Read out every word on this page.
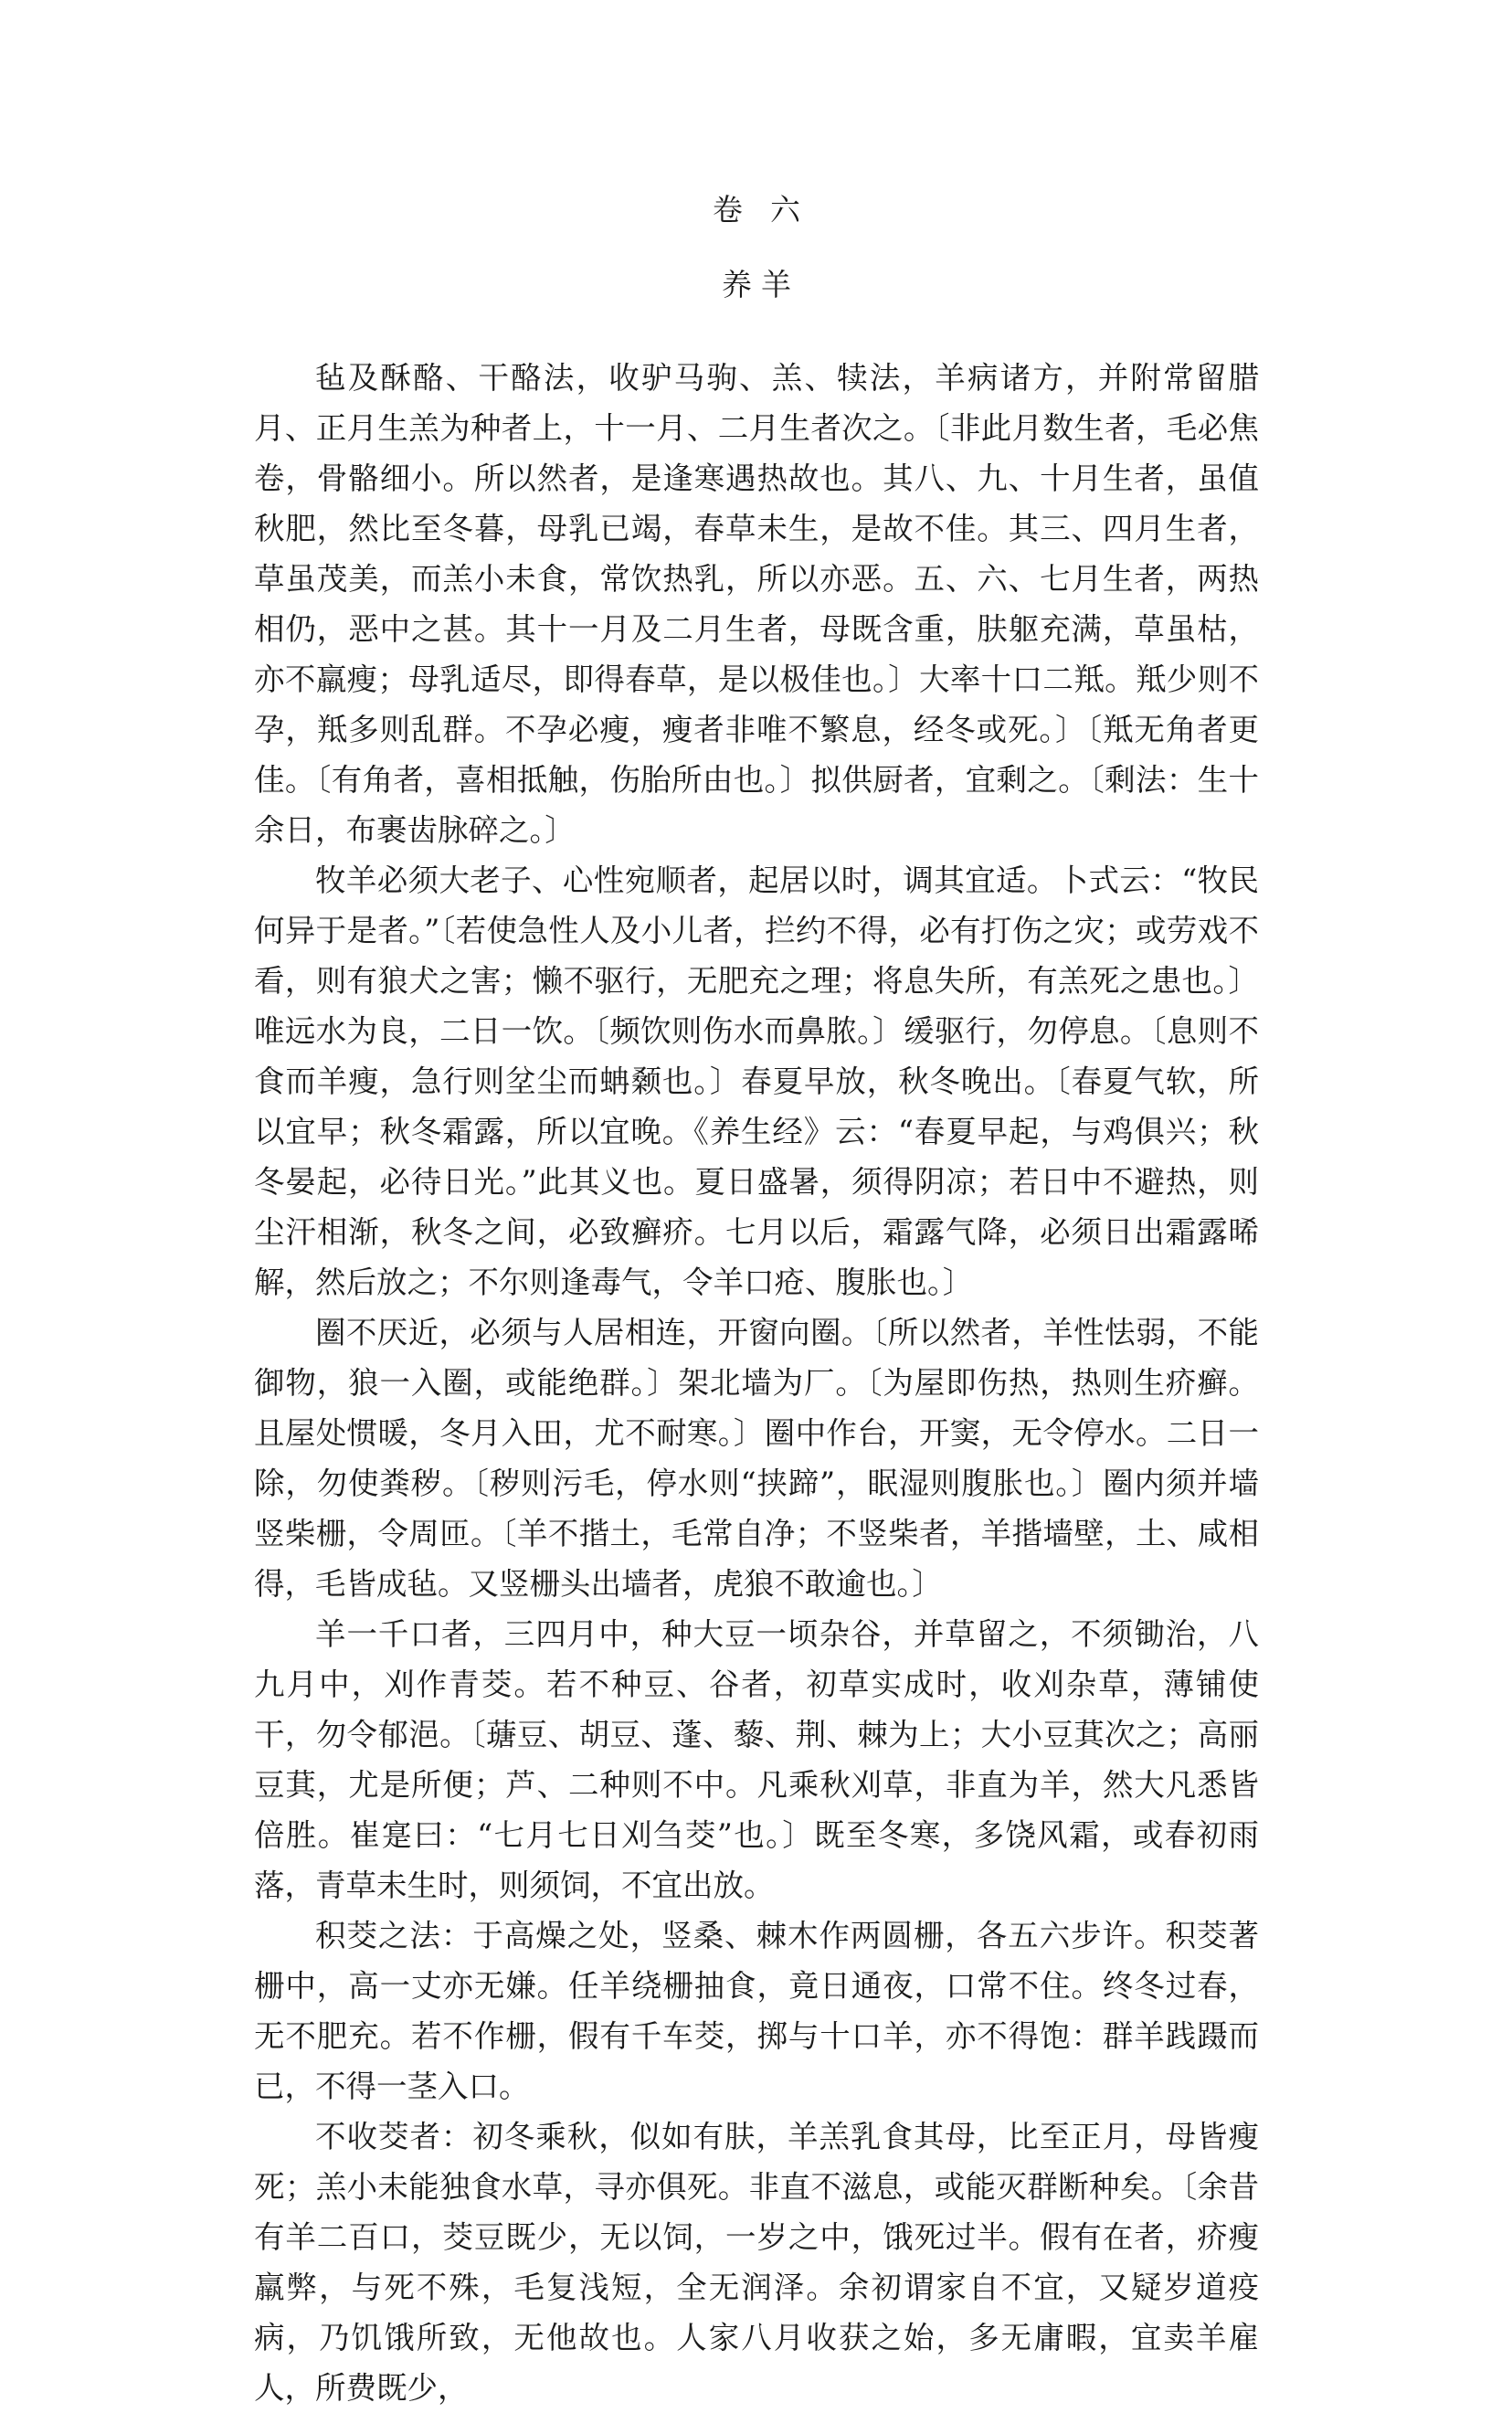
卷六
养羊

毡及酥酪、干酪法，收驴马驹、羔、犊法，羊病诸方，并附常留腊月、正月生羔为种者上，十一月、二月生者次之。〔非此月数生者，毛必焦卷，骨骼细小。所以然者，是逢寒遇热故也。其八、九、十月生者，虽值秋肥，然比至冬暮，母乳已竭，春草未生，是故不佳。其三、四月生者，草虽茂美，而羔小未食，常饮热乳，所以亦恶。五、六、七月生者，两热相仍，恶中之甚。其十一月及二月生者，母既含重，肤躯充满，草虽枯，亦不羸瘦；母乳适尽，即得春草，是以极佳也。〕大率十口二羝。羝少则不孕，羝多则乱群。不孕必瘦，瘦者非唯不繁息，经冬或死。〕〔羝无角者更佳。〔有角者，喜相抵触，伤胎所由也。〕拟供厨者，宜剩之。〔剩法：生十余日，布裹齿脉碎之。〕

牧羊必须大老子、心性宛顺者，起居以时，调其宜适。卜式云：“牧民何异于是者。”〔若使急性人及小儿者，拦约不得，必有打伤之灾；或劳戏不看，则有狼犬之害；懒不驱行，无肥充之理；将息失所，有羔死之患也。〕唯远水为良，二日一饮。〔频饮则伤水而鼻脓。〕缓驱行，勿停息。〔息则不食而羊瘦，急行则坌尘而蚺颡也。〕春夏早放，秋冬晚出。〔春夏气软，所以宜早；秋冬霜露，所以宜晚。《养生经》云：“春夏早起，与鸡俱兴；秋冬晏起，必待日光。”此其义也。夏日盛暑，须得阴凉；若日中不避热，则尘汗相渐，秋冬之间，必致癣疥。七月以后，霜露气降，必须日出霜露晞解，然后放之；不尔则逢毒气，令羊口疮、腹胀也。〕

圈不厌近，必须与人居相连，开窗向圈。〔所以然者，羊性怯弱，不能御物，狼一入圈，或能绝群。〕架北墙为厂。〔为屋即伤热，热则生疥癣。且屋处惯暖，冬月入田，尤不耐寒。〕圈中作台，开窦，无令停水。二日一除，勿使粪秽。〔秽则污毛，停水则“挟蹄”，眠湿则腹胀也。〕圈内须并墙竖柴栅，令周匝。〔羊不揩土，毛常自净；不竖柴者，羊揩墙壁，土、咸相得，毛皆成毡。又竖栅头出墙者，虎狼不敢逾也。〕

羊一千口者，三四月中，种大豆一顷杂谷，并草留之，不须锄治，八九月中，刈作青茭。若不种豆、谷者，初草实成时，收刈杂草，薄铺使干，勿令郁浥。〔䕋豆、胡豆、蓬、藜、荆、棘为上；大小豆萁次之；高丽豆萁，尤是所便；芦、二种则不中。凡乘秋刈草，非直为羊，然大凡悉皆倍胜。崔寔曰：“七月七日刈刍茭”也。〕既至冬寒，多饶风霜，或春初雨落，青草未生时，则须饲，不宜出放。

积茭之法：于高燥之处，竖桑、棘木作两圆栅，各五六步许。积茭著栅中，高一丈亦无嫌。任羊绕栅抽食，竟日通夜，口常不住。终冬过春，无不肥充。若不作栅，假有千车茭，掷与十口羊，亦不得饱：群羊践蹑而已，不得一茎入口。

不收茭者：初冬乘秋，似如有肤，羊羔乳食其母，比至正月，母皆瘦死；羔小未能独食水草，寻亦俱死。非直不滋息，或能灭群断种矣。〔余昔有羊二百口，茭豆既少，无以饲，一岁之中，饿死过半。假有在者，疥瘦羸弊，与死不殊，毛复浅短，全无润泽。余初谓家自不宜，又疑岁道疫病，乃饥饿所致，无他故也。人家八月收获之始，多无庸暇，宜卖羊雇人，所费既少，
